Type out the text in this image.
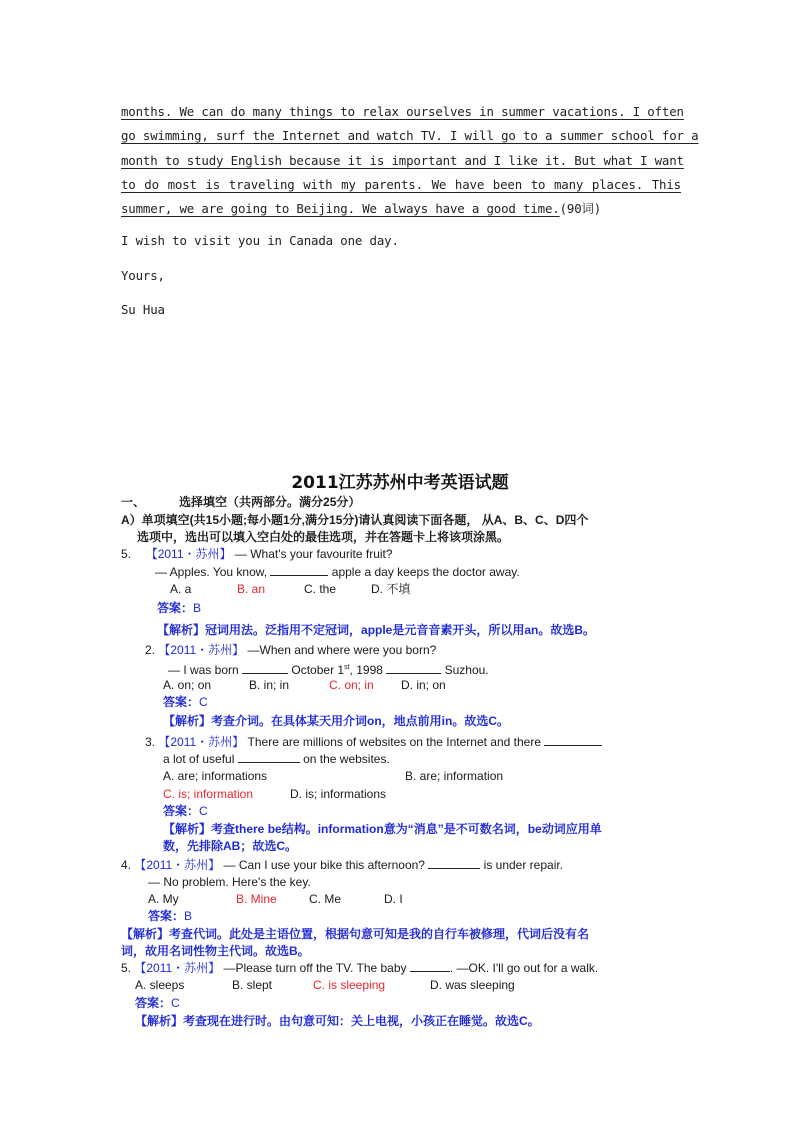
months. We can do many things to relax ourselves in summer vacations. I often
go swimming, surf the Internet and watch TV. I will go to a summer school for a
month to study English because it is important and I like it. But what I want
to do most is traveling with my parents. We have been to many places. This
summer, we are going to Beijing. We always have a good time.(90词)
I wish to visit you in Canada one day.
Yours,
Su Hua
2011江苏苏州中考英语试题
一、	选择填空（共两部分。满分25分）
A）单项填空(共15小题;每小题1分,满分15分)请认真阅读下面各题， 从A、B、C、D四个
选项中，选出可以填入空白处的最佳选项，并在答题卡上将该项涂黑。
5. 【2011・苏州】 — What's your favourite fruit?
— Apples. You know,	apple a day keeps the doctor away.
A. a	B. an	C. the	D. 不填
答案：B
【解析】冠词用法。泛指用不定冠词，apple是元音音素开头，所以用an。故选B。
2. 【2011・苏州】 —When and where were you born?
— I was born	October 1st, 1998	Suzhou.
A. on; on	B. in; in	C. on; in D. in; on
答案：C
【解析】考查介词。在具体某天用介词on，地点前用in。故选C。
3. 【2011・苏州】 There are millions of websites on the Internet and there
a lot of useful	on the websites.
A. are; informations	B. are; information
C. is; information	D. is; informations
答案：C
【解析】考查there be结构。information意为“消息”是不可数名词，be动词应用单
数，先排除AB；故选C。
4. 【2011・苏州】 — Can I use your bike this afternoon?	is under repair.
— No problem. Here's the key.
A. My	B. Mine	C. Me	D. I
答案：B
【解析】考查代词。此处是主语位置，根据句意可知是我的自行车被修理，代词后没有名
词，故用名词性物主代词。故选B。
5. 【2011・苏州】 —Please turn off the TV. The baby	. —OK. I'll go out for a walk.
A. sleeps	B. slept	C. is sleeping	D. was sleeping
答案：C
【解析】考查现在进行时。由句意可知：关上电视，小孩正在睡觉。故选C。
